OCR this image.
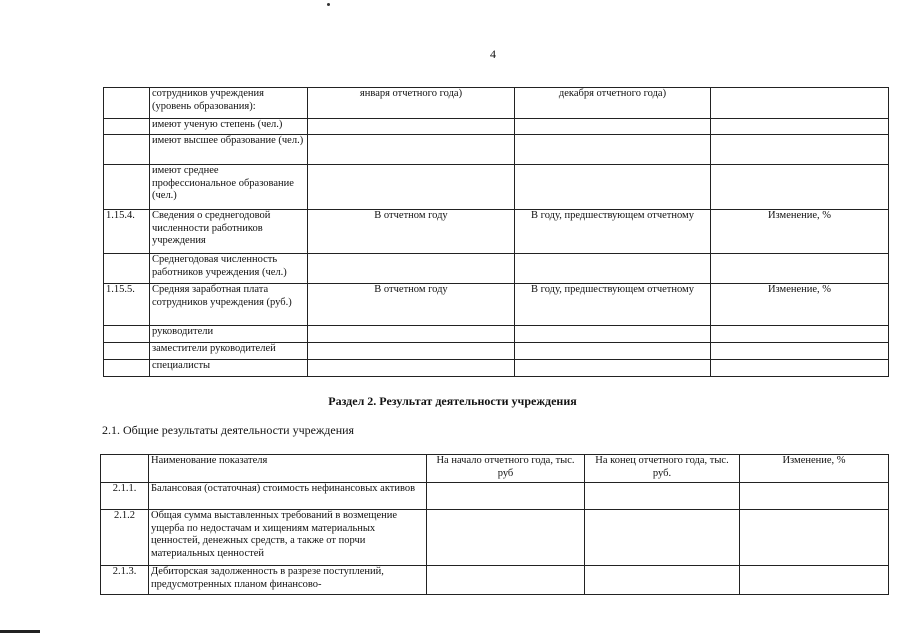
4
	сотрудников учреждения (уровень образования):	января отчетного года)	декабря отчетного года)	
	имеют ученую степень (чел.)			
	имеют высшее образование (чел.)			
	имеют среднее профессиональное образование (чел.)			
1.15.4.	Сведения о среднегодовой численности работников учреждения	В отчетном году	В году, предшествующем отчетному	Изменение, %
	Среднегодовая численность работников учреждения (чел.)			
1.15.5.	Средняя заработная плата сотрудников учреждения (руб.)	В отчетном году	В году, предшествующем отчетному	Изменение, %
	руководители			
	заместители руководителей			
	специалисты			
Раздел 2. Результат деятельности учреждения
2.1. Общие результаты деятельности учреждения
	Наименование показателя	На начало отчетного года, тыс. руб	На конец отчетного года, тыс. руб.	Изменение, %
2.1.1.	Балансовая (остаточная) стоимость нефинансовых активов			
2.1.2	Общая сумма выставленных требований в возмещение ущерба по недостачам и хищениям материальных ценностей, денежных средств, а также от порчи материальных ценностей			
2.1.3.	Дебиторская задолженность в разрезе поступлений, предусмотренных планом финансово-			
